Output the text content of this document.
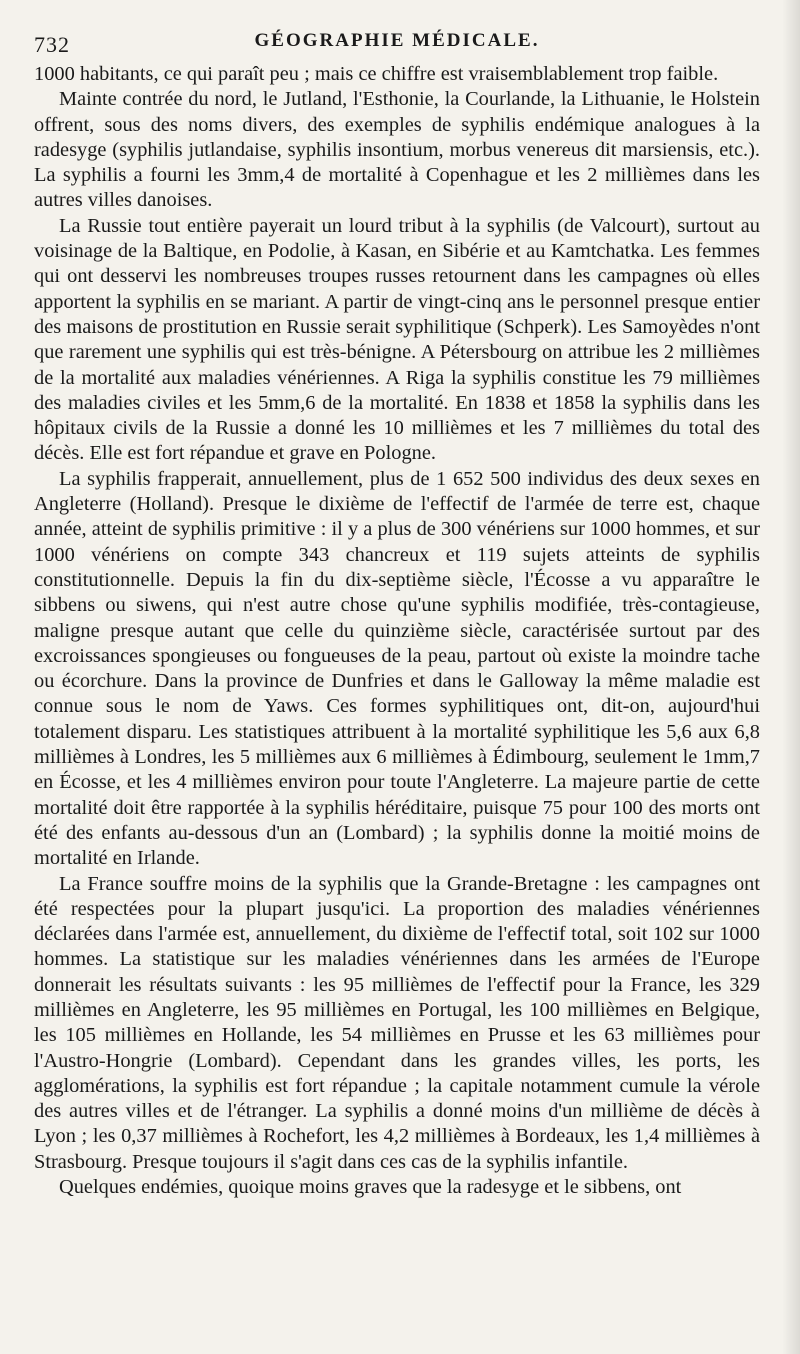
732	GÉOGRAPHIE MÉDICALE.

1000 habitants, ce qui paraît peu ; mais ce chiffre est vraisemblablement trop faible.

Mainte contrée du nord, le Jutland, l'Esthonie, la Courlande, la Lithuanie, le Holstein offrent, sous des noms divers, des exemples de syphilis endémique analogues à la radesyge (syphilis jutlandaise, syphilis insontium, morbus venereus dit marsiensis, etc.). La syphilis a fourni les 3mm,4 de mortalité à Copenhague et les 2 millièmes dans les autres villes danoises.

La Russie tout entière payerait un lourd tribut à la syphilis (de Valcourt), surtout au voisinage de la Baltique, en Podolie, à Kasan, en Sibérie et au Kamtchatka. Les femmes qui ont desservi les nombreuses troupes russes retournent dans les campagnes où elles apportent la syphilis en se mariant. A partir de vingt-cinq ans le personnel presque entier des maisons de prostitution en Russie serait syphilitique (Schperk). Les Samoyèdes n'ont que rarement une syphilis qui est très-bénigne. A Pétersbourg on attribue les 2 millièmes de la mortalité aux maladies vénériennes. A Riga la syphilis constitue les 79 millièmes des maladies civiles et les 5mm,6 de la mortalité. En 1838 et 1858 la syphilis dans les hôpitaux civils de la Russie a donné les 10 millièmes et les 7 millièmes du total des décès. Elle est fort répandue et grave en Pologne.

La syphilis frapperait, annuellement, plus de 1 652 500 individus des deux sexes en Angleterre (Holland). Presque le dixième de l'effectif de l'armée de terre est, chaque année, atteint de syphilis primitive : il y a plus de 300 vénériens sur 1000 hommes, et sur 1000 vénériens on compte 343 chancreux et 119 sujets atteints de syphilis constitutionnelle. Depuis la fin du dix-septième siècle, l'Écosse a vu apparaître le sibbens ou siwens, qui n'est autre chose qu'une syphilis modifiée, très-contagieuse, maligne presque autant que celle du quinzième siècle, caractérisée surtout par des excroissances spongieuses ou fongueuses de la peau, partout où existe la moindre tache ou écorchure. Dans la province de Dunfries et dans le Galloway la même maladie est connue sous le nom de Yaws. Ces formes syphilitiques ont, dit-on, aujourd'hui totalement disparu. Les statistiques attribuent à la mortalité syphilitique les 5,6 aux 6,8 millièmes à Londres, les 5 millièmes aux 6 millièmes à Édimbourg, seulement le 1mm,7 en Écosse, et les 4 millièmes environ pour toute l'Angleterre. La majeure partie de cette mortalité doit être rapportée à la syphilis héréditaire, puisque 75 pour 100 des morts ont été des enfants au-dessous d'un an (Lombard) ; la syphilis donne la moitié moins de mortalité en Irlande.

La France souffre moins de la syphilis que la Grande-Bretagne : les campagnes ont été respectées pour la plupart jusqu'ici. La proportion des maladies vénériennes déclarées dans l'armée est, annuellement, du dixième de l'effectif total, soit 102 sur 1000 hommes. La statistique sur les maladies vénériennes dans les armées de l'Europe donnerait les résultats suivants : les 95 millièmes de l'effectif pour la France, les 329 millièmes en Angleterre, les 95 millièmes en Portugal, les 100 millièmes en Belgique, les 105 millièmes en Hollande, les 54 millièmes en Prusse et les 63 millièmes pour l'Austro-Hongrie (Lombard). Cependant dans les grandes villes, les ports, les agglomérations, la syphilis est fort répandue ; la capitale notamment cumule la vérole des autres villes et de l'étranger. La syphilis a donné moins d'un millième de décès à Lyon ; les 0,37 millièmes à Rochefort, les 4,2 millièmes à Bordeaux, les 1,4 millièmes à Strasbourg. Presque toujours il s'agit dans ces cas de la syphilis infantile.

Quelques endémies, quoique moins graves que la radesyge et le sibbens, ont
